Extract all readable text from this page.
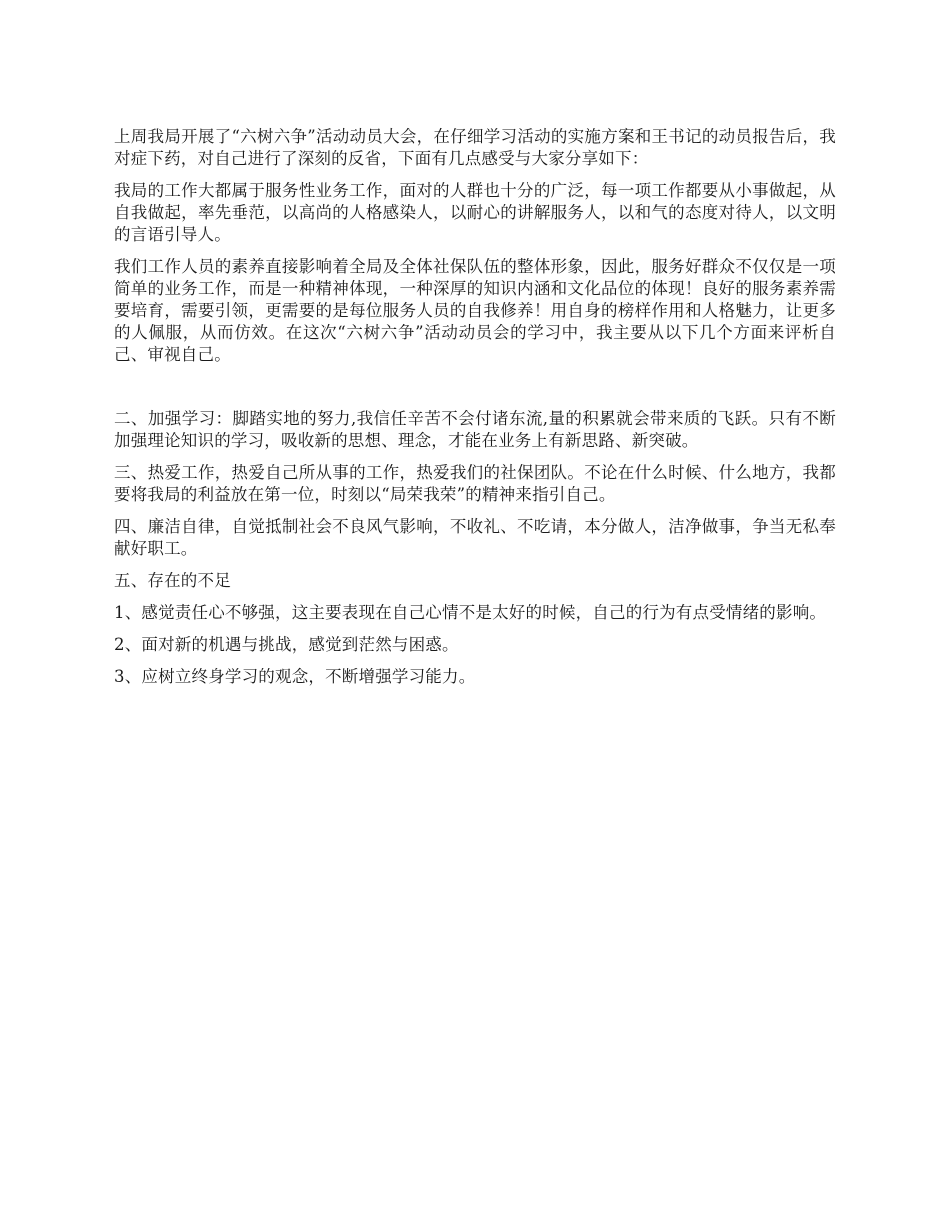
上周我局开展了“六树六争”活动动员大会，在仔细学习活动的实施方案和王书记的动员报告后，我对症下药，对自己进行了深刻的反省，下面有几点感受与大家分享如下：

我局的工作大都属于服务性业务工作，面对的人群也十分的广泛，每一项工作都要从小事做起，从自我做起，率先垂范，以高尚的人格感染人，以耐心的讲解服务人，以和气的态度对待人，以文明的言语引导人。

我们工作人员的素养直接影响着全局及全体社保队伍的整体形象，因此，服务好群众不仅仅是一项简单的业务工作，而是一种精神体现，一种深厚的知识内涵和文化品位的体现！良好的服务素养需要培育，需要引领，更需要的是每位服务人员的自我修养！用自身的榜样作用和人格魅力，让更多的人佩服，从而仿效。在这次“六树六争”活动动员会的学习中，我主要从以下几个方面来评析自己、审视自己。

二、加强学习：脚踏实地的努力,我信任辛苦不会付诸东流,量的积累就会带来质的飞跃。只有不断加强理论知识的学习，吸收新的思想、理念，才能在业务上有新思路、新突破。

三、热爱工作，热爱自己所从事的工作，热爱我们的社保团队。不论在什么时候、什么地方，我都要将我局的利益放在第一位，时刻以“局荣我荣”的精神来指引自己。

四、廉洁自律，自觉抵制社会不良风气影响，不收礼、不吃请，本分做人，洁净做事，争当无私奉献好职工。

五、存在的不足

1、感觉责任心不够强，这主要表现在自己心情不是太好的时候，自己的行为有点受情绪的影响。

2、面对新的机遇与挑战，感觉到茫然与困惑。

3、应树立终身学习的观念，不断增强学习能力。
